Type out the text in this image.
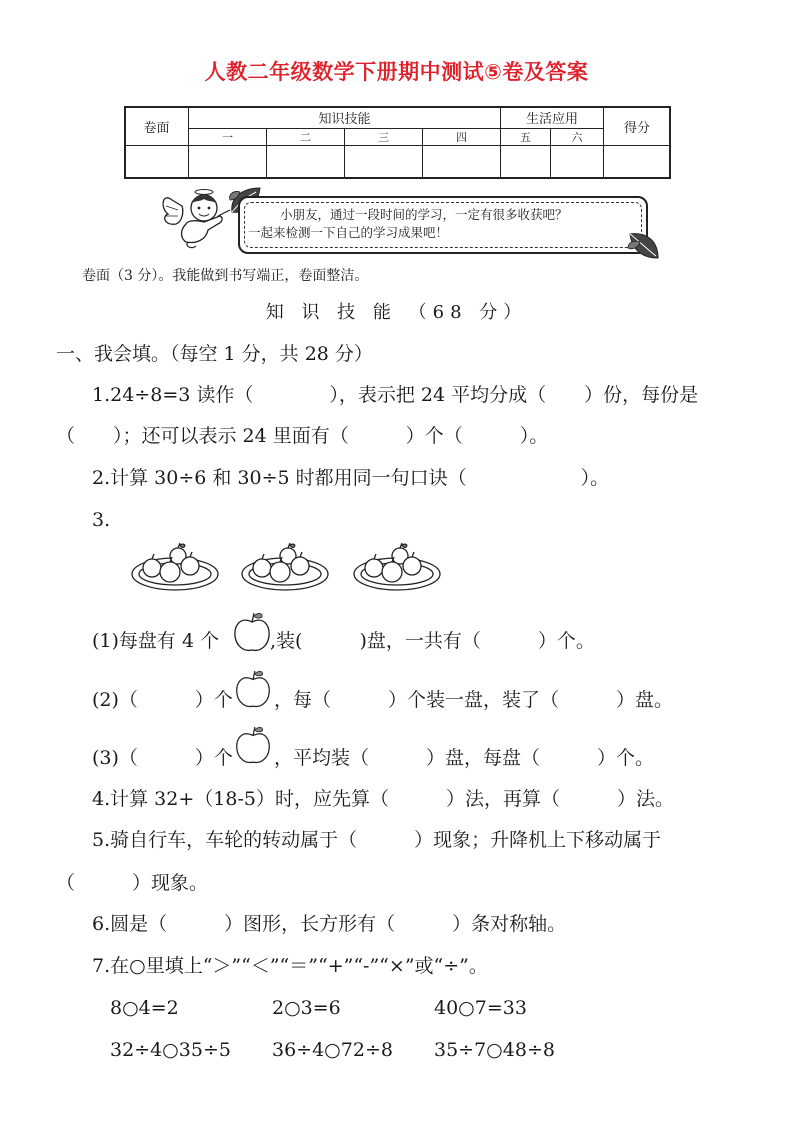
人教二年级数学下册期中测试⑤卷及答案
卷面	知识技能				生活应用		得分
	一	二	三	四	五	六	

小朋友，通过一段时间的学习，一定有很多收获吧？
一起来检测一下自己的学习成果吧！
卷面（3 分）。我能做到书写端正，卷面整洁。
知 识 技 能 （68 分）
一、我会填。（每空 1 分，共 28 分）
1.24÷8=3 读作（　　　　），表示把 24 平均分成（　　）份，每份是
（　　）；还可以表示 24 里面有（　　　）个（　　　）。
2.计算 30÷6 和 30÷5 时都用同一句口诀（　　　　　　）。
3.
(1)每盘有 4 个	,装(　　　)盘，一共有（　　　）个。
(2)（　　　）个 ，每（　　　）个装一盘，装了（　　　）盘。
(3)（　　　）个 ，平均装（　　　）盘，每盘（　　　）个。
4.计算 32+（18-5）时，应先算（　　　）法，再算（　　　）法。
5.骑自行车，车轮的转动属于（　　　）现象；升降机上下移动属于
（　　　）现象。
6.圆是（　　　）图形，长方形有（　　　）条对称轴。
7.在○里填上“＞”“＜”“＝”“+”“-”“×”或“÷”。
8○4=2	2○3=6	40○7=33
32÷4○35÷5 36÷4○72÷8 35÷7○48÷8
